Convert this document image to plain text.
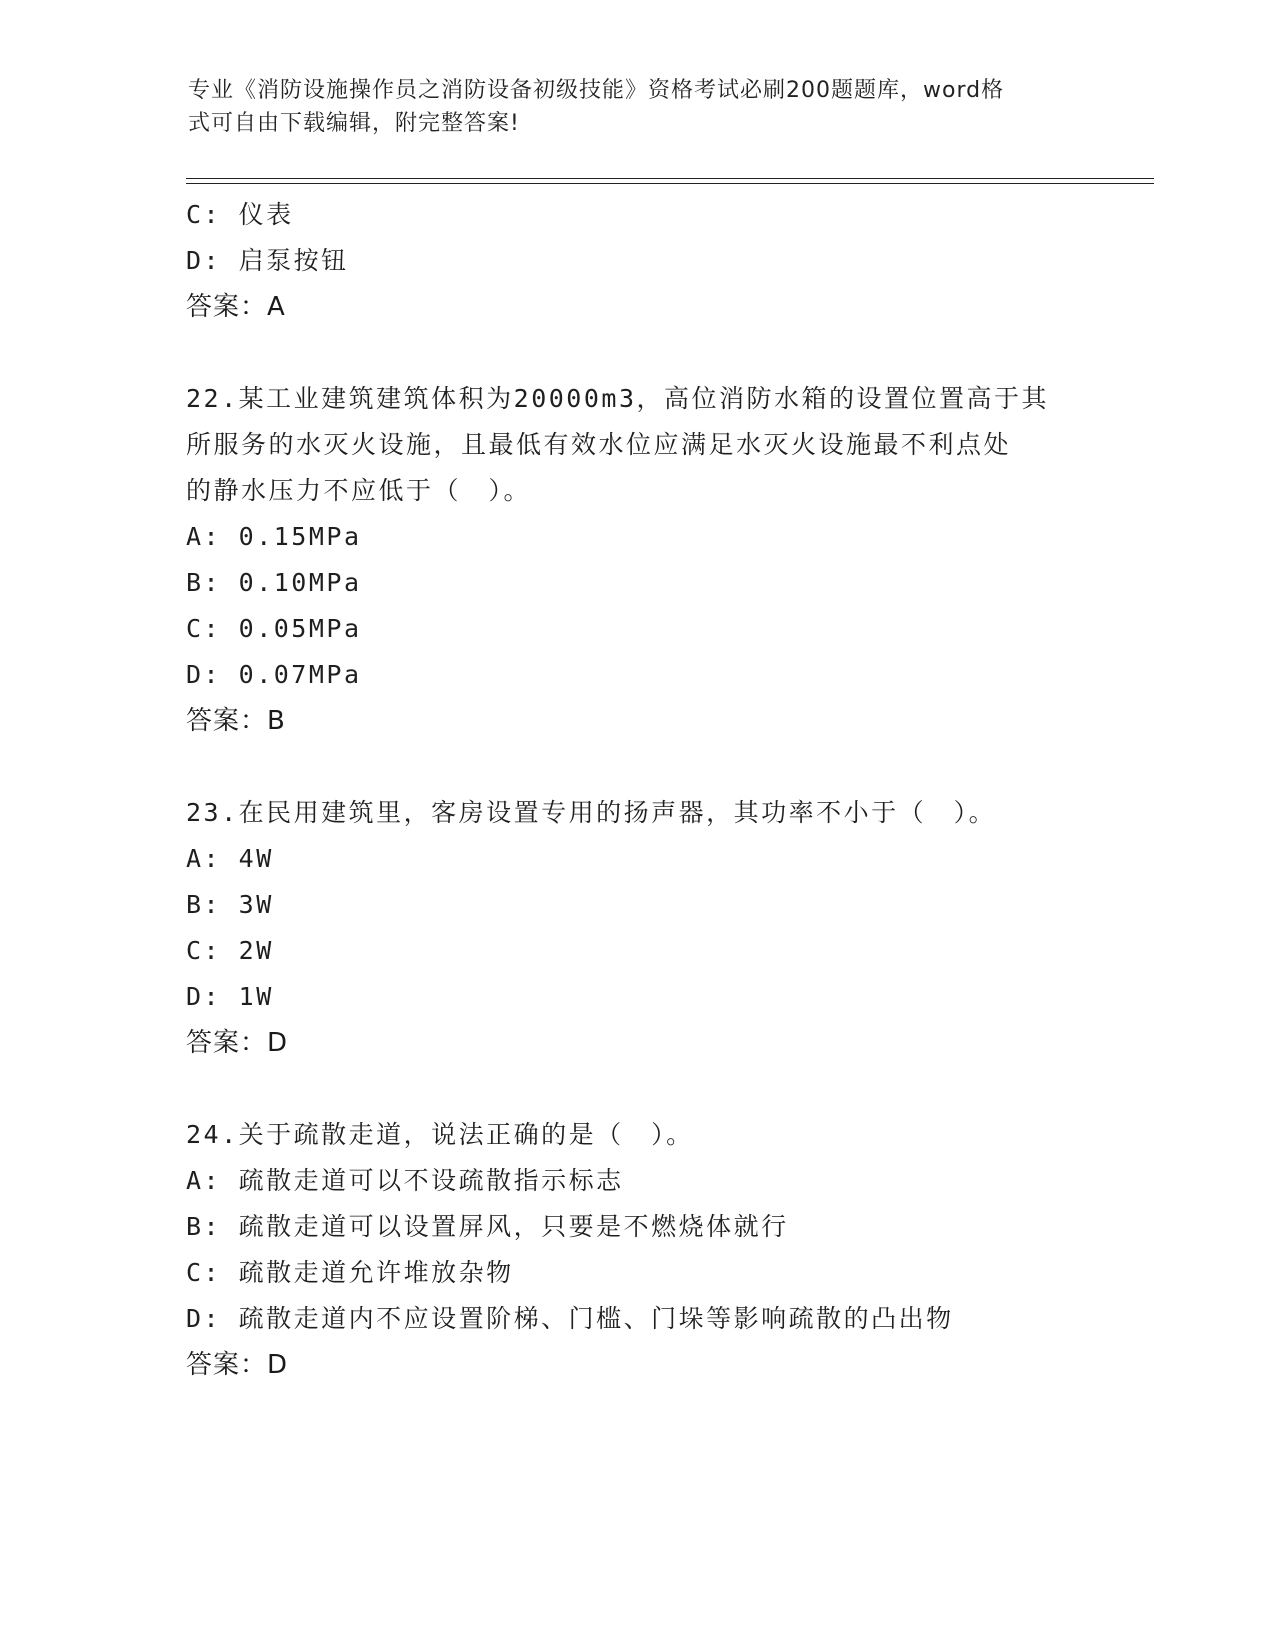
专业《消防设施操作员之消防设备初级技能》资格考试必刷200题题库，word格
式可自由下载编辑，附完整答案!
C: 仪表
D: 启泵按钮
答案：A
22.某工业建筑建筑体积为20000m3，高位消防水箱的设置位置高于其
所服务的水灭火设施，且最低有效水位应满足水灭火设施最不利点处
的静水压力不应低于（　）。
A: 0.15MPa
B: 0.10MPa
C: 0.05MPa
D: 0.07MPa
答案：B
23.在民用建筑里，客房设置专用的扬声器，其功率不小于（　）。
A: 4W
B: 3W
C: 2W
D: 1W
答案：D
24.关于疏散走道，说法正确的是（　）。
A: 疏散走道可以不设疏散指示标志
B: 疏散走道可以设置屏风，只要是不燃烧体就行
C: 疏散走道允许堆放杂物
D: 疏散走道内不应设置阶梯、门槛、门垛等影响疏散的凸出物
答案：D
